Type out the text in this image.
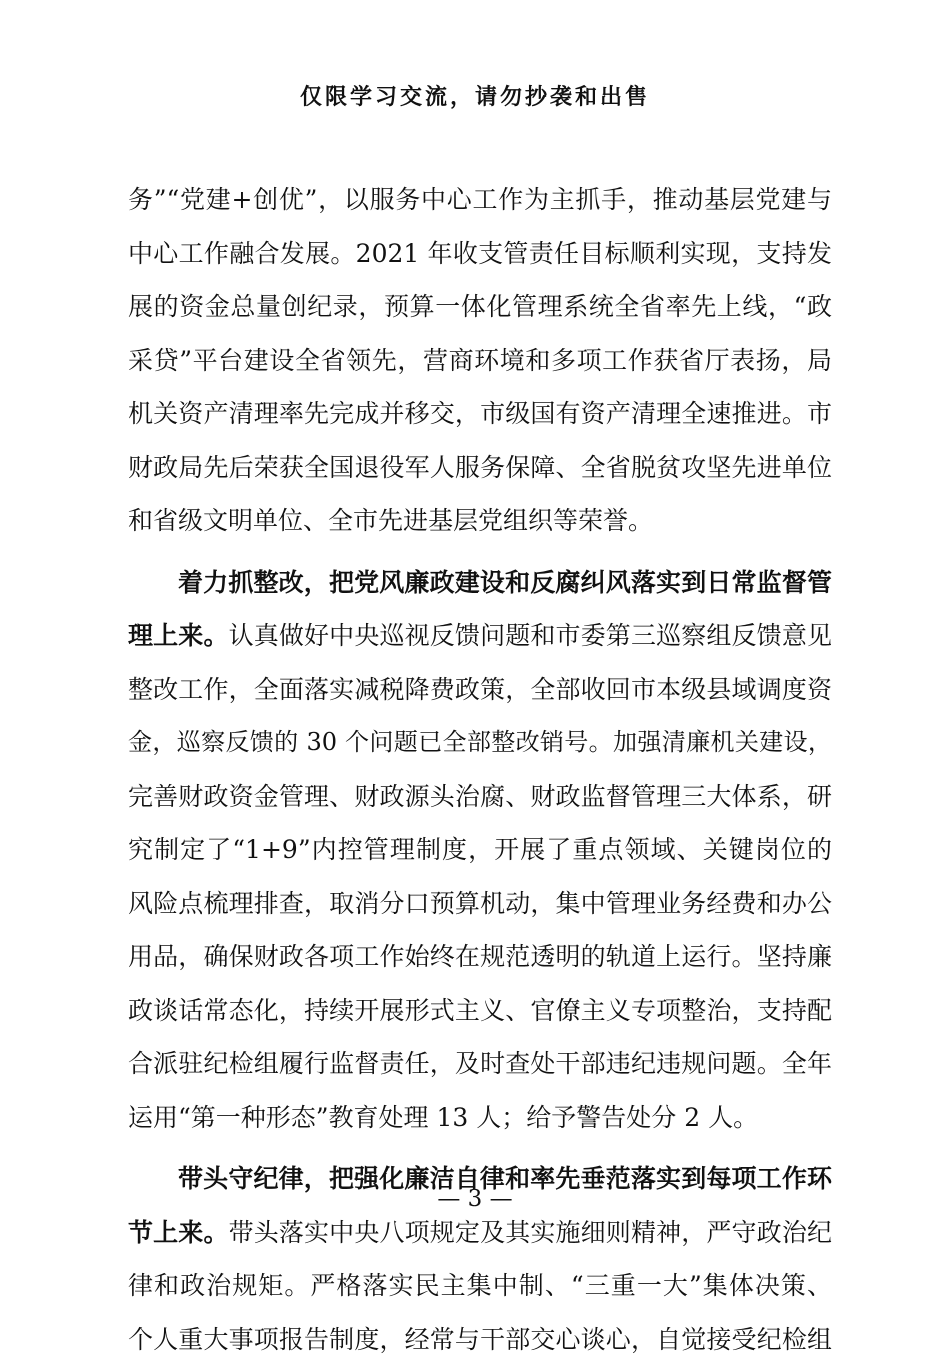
仅限学习交流，请勿抄袭和出售
务”“党建+创优”，以服务中心工作为主抓手，推动基层党建与
中心工作融合发展。2021 年收支管责任目标顺利实现，支持发
展的资金总量创纪录，预算一体化管理系统全省率先上线，“政
采贷”平台建设全省领先，营商环境和多项工作获省厅表扬，局
机关资产清理率先完成并移交，市级国有资产清理全速推进。市
财政局先后荣获全国退役军人服务保障、全省脱贫攻坚先进单位
和省级文明单位、全市先进基层党组织等荣誉。
着力抓整改，把党风廉政建设和反腐纠风落实到日常监督管
理上来。认真做好中央巡视反馈问题和市委第三巡察组反馈意见
整改工作，全面落实减税降费政策，全部收回市本级县域调度资
金，巡察反馈的 30 个问题已全部整改销号。加强清廉机关建设，
完善财政资金管理、财政源头治腐、财政监督管理三大体系，研
究制定了“1+9”内控管理制度，开展了重点领域、关键岗位的
风险点梳理排查，取消分口预算机动，集中管理业务经费和办公
用品，确保财政各项工作始终在规范透明的轨道上运行。坚持廉
政谈话常态化，持续开展形式主义、官僚主义专项整治，支持配
合派驻纪检组履行监督责任，及时查处干部违纪违规问题。全年
运用“第一种形态”教育处理 13 人；给予警告处分 2 人。
带头守纪律，把强化廉洁自律和率先垂范落实到每项工作环
节上来。带头落实中央八项规定及其实施细则精神，严守政治纪
律和政治规矩。严格落实民主集中制、“三重一大”集体决策、
个人重大事项报告制度，经常与干部交心谈心，自觉接受纪检组
— 3 —
